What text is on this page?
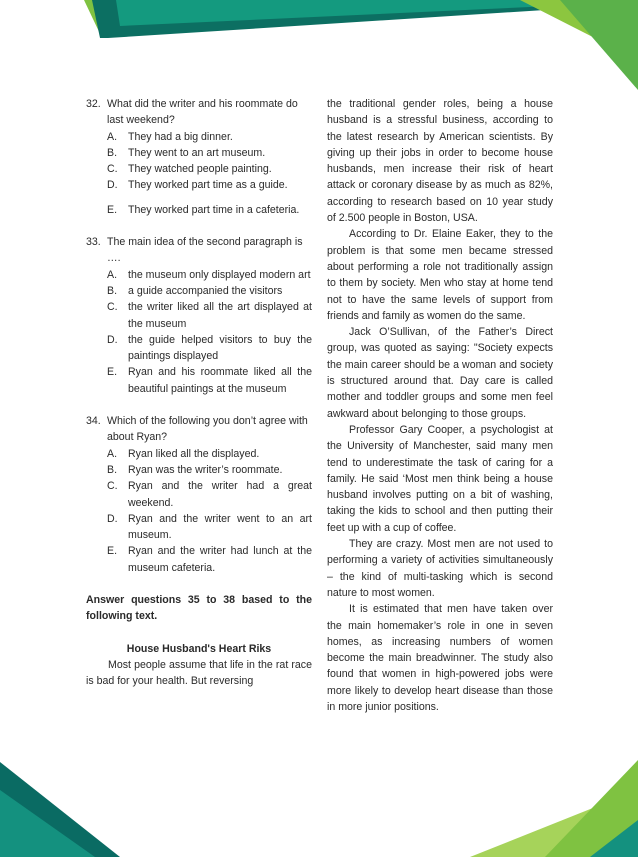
32. What did the writer and his roommate do last weekend?
A. They had a big dinner.
B. They went to an art museum.
C. They watched people painting.
D. They worked part time as a guide.
E. They worked part time in a cafeteria.
33. The main idea of the second paragraph is ….
A. the museum only displayed modern art
B. a guide accompanied the visitors
C. the writer liked all the art displayed at the museum
D. the guide helped visitors to buy the paintings displayed
E. Ryan and his roommate liked all the beautiful paintings at the museum
34. Which of the following you don’t agree with about Ryan?
A. Ryan liked all the displayed.
B. Ryan was the writer’s roommate.
C. Ryan and the writer had a great weekend.
D. Ryan and the writer went to an art museum.
E. Ryan and the writer had lunch at the museum cafeteria.
Answer questions 35 to 38 based to the following text.
House Husband's Heart Riks

Most people assume that life in the rat race is bad for your health. But reversing

the traditional gender roles, being a house husband is a stressful business, according to the latest research by American scientists. By giving up their jobs in order to become house husbands, men increase their risk of heart attack or coronary disease by as much as 82%, according to research based on 10 year study of 2.500 people in Boston, USA.

According to Dr. Elaine Eaker, they to the problem is that some men became stressed about performing a role not traditionally assign to them by society. Men who stay at home tend not to have the same levels of support from friends and family as women do the same.

Jack O’Sullivan, of the Father’s Direct group, was quoted as saying: "Society expects the main career should be a woman and society is structured around that. Day care is called mother and toddler groups and some men feel awkward about belonging to those groups.

Professor Gary Cooper, a psychologist at the University of Manchester, said many men tend to underestimate the task of caring for a family. He said ‘Most men think being a house husband involves putting on a bit of washing, taking the kids to school and then putting their feet up with a cup of coffee.

They are crazy. Most men are not used to performing a variety of activities simultaneously – the kind of multi-tasking which is second nature to most women.

It is estimated that men have taken over the main homemaker’s role in one in seven homes, as increasing numbers of women become the main breadwinner. The study also found that women in high-powered jobs were more likely to develop heart disease than those in more junior positions.
